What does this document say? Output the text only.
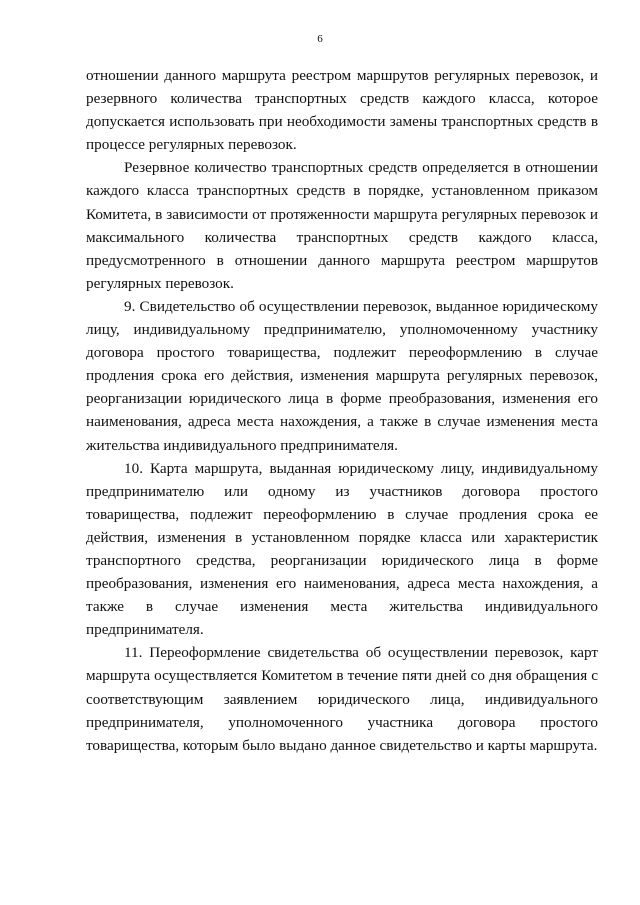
6

отношении данного маршрута реестром маршрутов регулярных перевозок, и резервного количества транспортных средств каждого класса, которое допускается использовать при необходимости замены транспортных средств в процессе регулярных перевозок.

Резервное количество транспортных средств определяется в отношении каждого класса транспортных средств в порядке, установленном приказом Комитета, в зависимости от протяженности маршрута регулярных перевозок и максимального количества транспортных средств каждого класса, предусмотренного в отношении данного маршрута реестром маршрутов регулярных перевозок.

9. Свидетельство об осуществлении перевозок, выданное юридическому лицу, индивидуальному предпринимателю, уполномоченному участнику договора простого товарищества, подлежит переоформлению в случае продления срока его действия, изменения маршрута регулярных перевозок, реорганизации юридического лица в форме преобразования, изменения его наименования, адреса места нахождения, а также в случае изменения места жительства индивидуального предпринимателя.

10. Карта маршрута, выданная юридическому лицу, индивидуальному предпринимателю или одному из участников договора простого товарищества, подлежит переоформлению в случае продления срока ее действия, изменения в установленном порядке класса или характеристик транспортного средства, реорганизации юридического лица в форме преобразования, изменения его наименования, адреса места нахождения, а также в случае изменения места жительства индивидуального предпринимателя.

11. Переоформление свидетельства об осуществлении перевозок, карт маршрута осуществляется Комитетом в течение пяти дней со дня обращения с соответствующим заявлением юридического лица, индивидуального предпринимателя, уполномоченного участника договора простого товарищества, которым было выдано данное свидетельство и карты маршрута.
